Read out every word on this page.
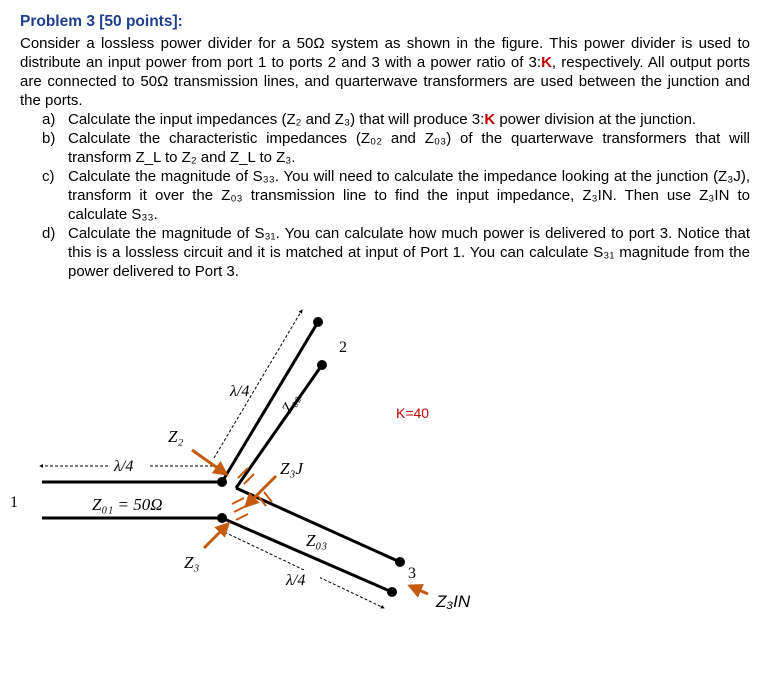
Problem 3 [50 points]:
Consider a lossless power divider for a 50Ω system as shown in the figure. This power divider is used to distribute an input power from port 1 to ports 2 and 3 with a power ratio of 3:K, respectively. All output ports are connected to 50Ω transmission lines, and quarterwave transformers are used between the junction and the ports.
a) Calculate the input impedances (Z₂ and Z₃) that will produce 3:K power division at the junction.
b) Calculate the characteristic impedances (Z₀₂ and Z₀₃) of the quarterwave transformers that will transform Z_L to Z₂ and Z_L to Z₃.
c) Calculate the magnitude of S₃₃. You will need to calculate the impedance looking at the junction (Z₃J), transform it over the Z₀₃ transmission line to find the input impedance, Z₃IN. Then use Z₃IN to calculate S₃₃.
d) Calculate the magnitude of S₃₁. You can calculate how much power is delivered to port 3. Notice that this is a lossless circuit and it is matched at input of Port 1. You can calculate S₃₁ magnitude from the power delivered to Port 3.
1
2
3
λ/4
λ/4
λ/4
Z₀₁ = 50Ω
Z₂
Z₃
Z₀₂
Z₀₃
Z₃J
Z₃IN
K=40
